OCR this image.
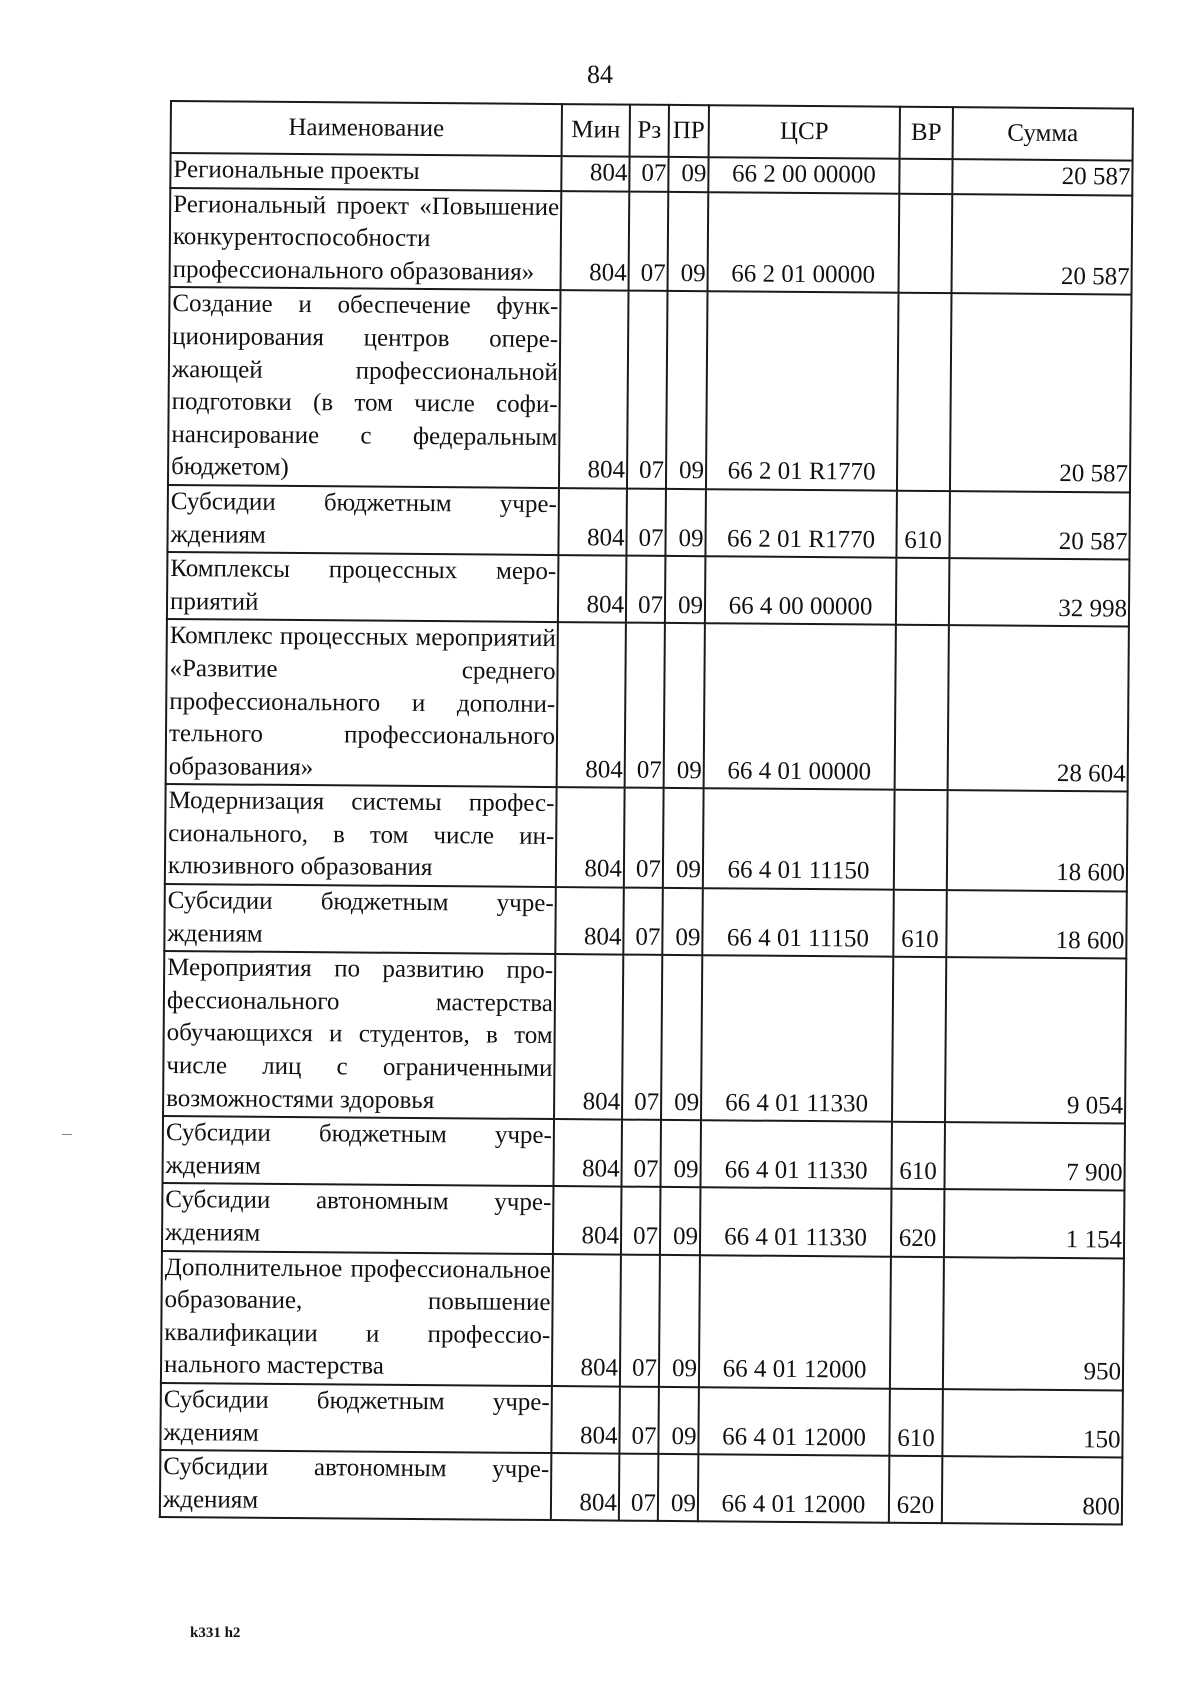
84
Наименование	Мин	Рз	ПР	ЦСР	ВР	Сумма
Региональные проекты	804	07	09	66 2 00 00000		20 587
Региональный проект «Повышение конкурентоспособности профессионального образования»	804	07	09	66 2 01 00000		20 587
Создание и обеспечение функционирования центров опережающей профессиональной подготовки (в том числе софинансирование с федеральным бюджетом)	804	07	09	66 2 01 R1770		20 587
Субсидии бюджетным учреждениям	804	07	09	66 2 01 R1770	610	20 587
Комплексы процессных мероприятий	804	07	09	66 4 00 00000		32 998
Комплекс процессных мероприятий «Развитие среднего профессионального и дополнительного профессионального образования»	804	07	09	66 4 01 00000		28 604
Модернизация системы профессионального, в том числе инклюзивного образования	804	07	09	66 4 01 11150		18 600
Субсидии бюджетным учреждениям	804	07	09	66 4 01 11150	610	18 600
Мероприятия по развитию профессионального мастерства обучающихся и студентов, в том числе лиц с ограниченными возможностями здоровья	804	07	09	66 4 01 11330		9 054
Субсидии бюджетным учреждениям	804	07	09	66 4 01 11330	610	7 900
Субсидии автономным учреждениям	804	07	09	66 4 01 11330	620	1 154
Дополнительное профессиональное образование, повышение квалификации и профессионального мастерства	804	07	09	66 4 01 12000		950
Субсидии бюджетным учреждениям	804	07	09	66 4 01 12000	610	150
Субсидии автономным учреждениям	804	07	09	66 4 01 12000	620	800
k331 h2
